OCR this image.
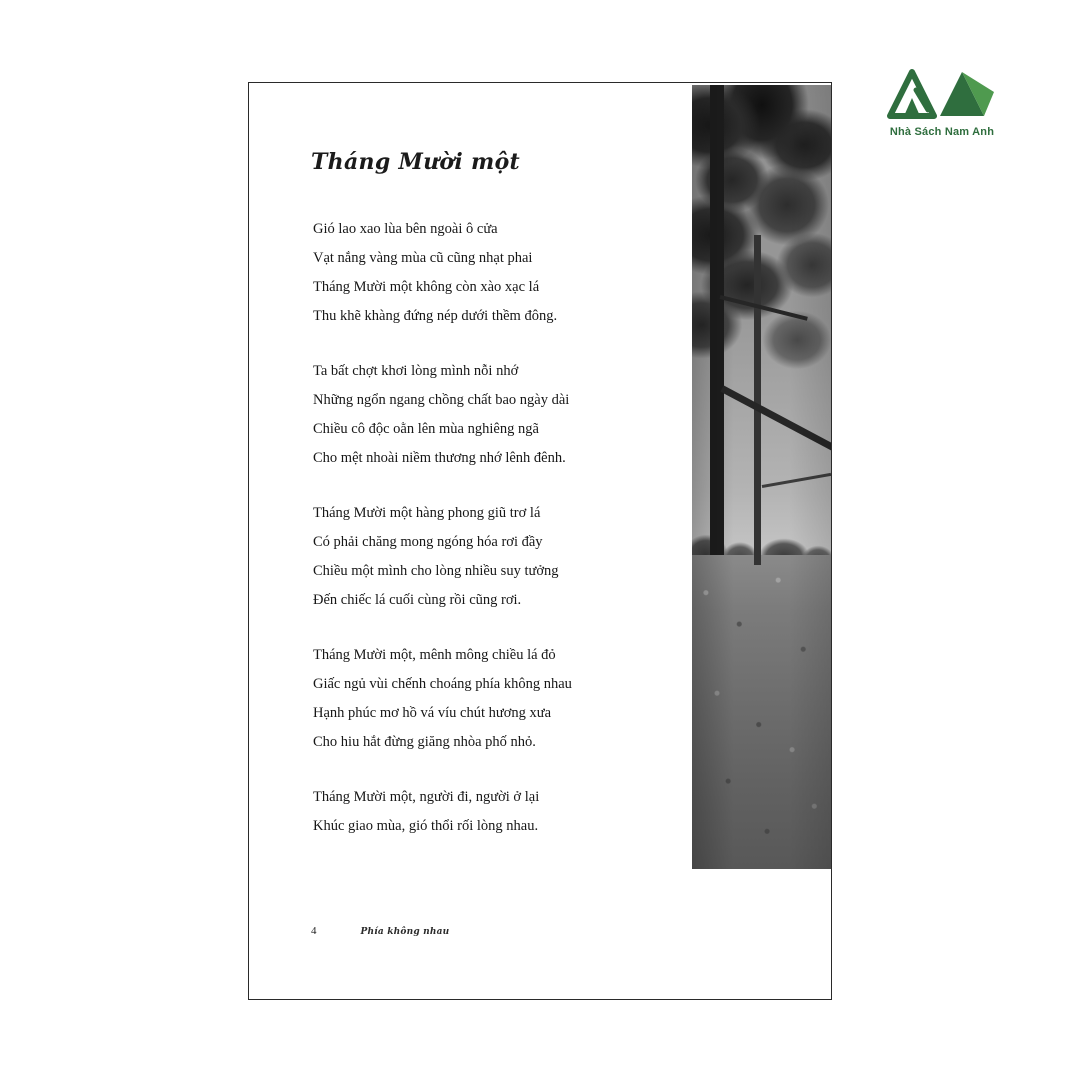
Nhà Sách Nam Anh
Tháng Mười một
Gió lao xao lùa bên ngoài ô cửa
Vạt nắng vàng mùa cũ cũng nhạt phai
Tháng Mười một không còn xào xạc lá
Thu khẽ khàng đứng nép dưới thềm đông.
Ta bất chợt khơi lòng mình nỗi nhớ
Những ngổn ngang chồng chất bao ngày dài
Chiều cô độc oằn lên mùa nghiêng ngã
Cho mệt nhoài niềm thương nhớ lênh đênh.
Tháng Mười một hàng phong giũ trơ lá
Có phải chăng mong ngóng hóa rơi đầy
Chiều một mình cho lòng nhiều suy tưởng
Đến chiếc lá cuối cùng rồi cũng rơi.
Tháng Mười một, mênh mông chiều lá đỏ
Giấc ngủ vùi chếnh choáng phía không nhau
Hạnh phúc mơ hồ vá víu chút hương xưa
Cho hiu hắt đừng giăng nhòa phố nhỏ.
Tháng Mười một, người đi, người ở lại
Khúc giao mùa, gió thổi rối lòng nhau.
4	Phía không nhau
